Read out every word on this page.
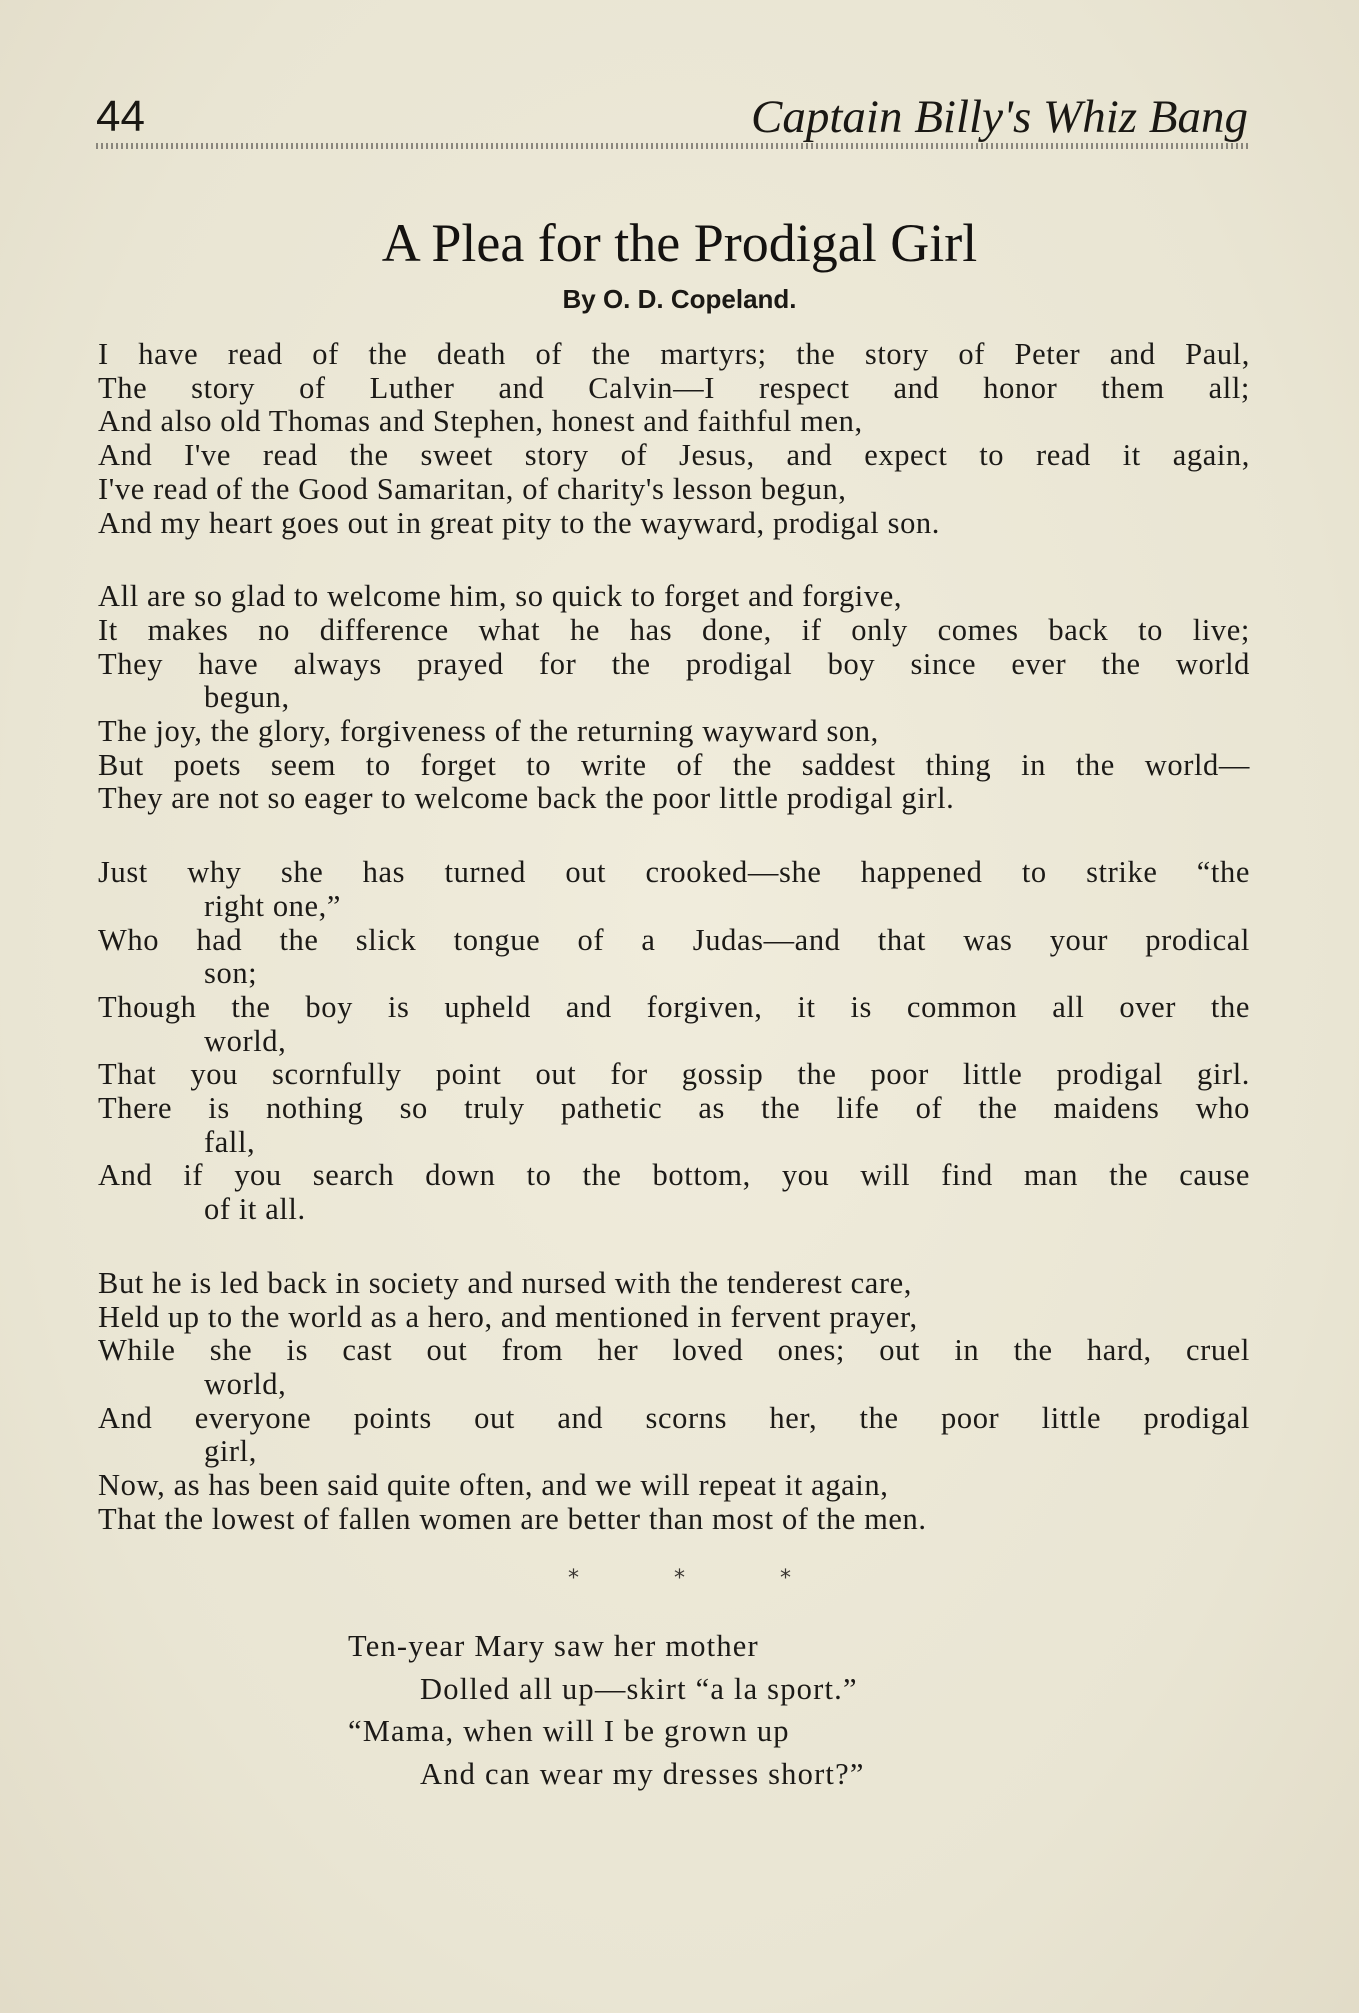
44	Captain Billy's Whiz Bang
A Plea for the Prodigal Girl
By O. D. Copeland.
I have read of the death of the martyrs; the story of Peter and Paul,
The story of Luther and Calvin—I respect and honor them all;
And also old Thomas and Stephen, honest and faithful men,
And I've read the sweet story of Jesus, and expect to read it again,
I've read of the Good Samaritan, of charity's lesson begun,
And my heart goes out in great pity to the wayward, prodigal son.
All are so glad to welcome him, so quick to forget and forgive,
It makes no difference what he has done, if only comes back to live;
They have always prayed for the prodigal boy since ever the world
begun,
The joy, the glory, forgiveness of the returning wayward son,
But poets seem to forget to write of the saddest thing in the world—
They are not so eager to welcome back the poor little prodigal girl.
Just why she has turned out crooked—she happened to strike “the
right one,”
Who had the slick tongue of a Judas—and that was your prodical
son;
Though the boy is upheld and forgiven, it is common all over the
world,
That you scornfully point out for gossip the poor little prodigal girl.
There is nothing so truly pathetic as the life of the maidens who
fall,
And if you search down to the bottom, you will find man the cause
of it all.
But he is led back in society and nursed with the tenderest care,
Held up to the world as a hero, and mentioned in fervent prayer,
While she is cast out from her loved ones; out in the hard, cruel
world,
And everyone points out and scorns her, the poor little prodigal
girl,
Now, as has been said quite often, and we will repeat it again,
That the lowest of fallen women are better than most of the men.
* * *
Ten-year Mary saw her mother
Dolled all up—skirt “a la sport.”
“Mama, when will I be grown up
And can wear my dresses short?”
